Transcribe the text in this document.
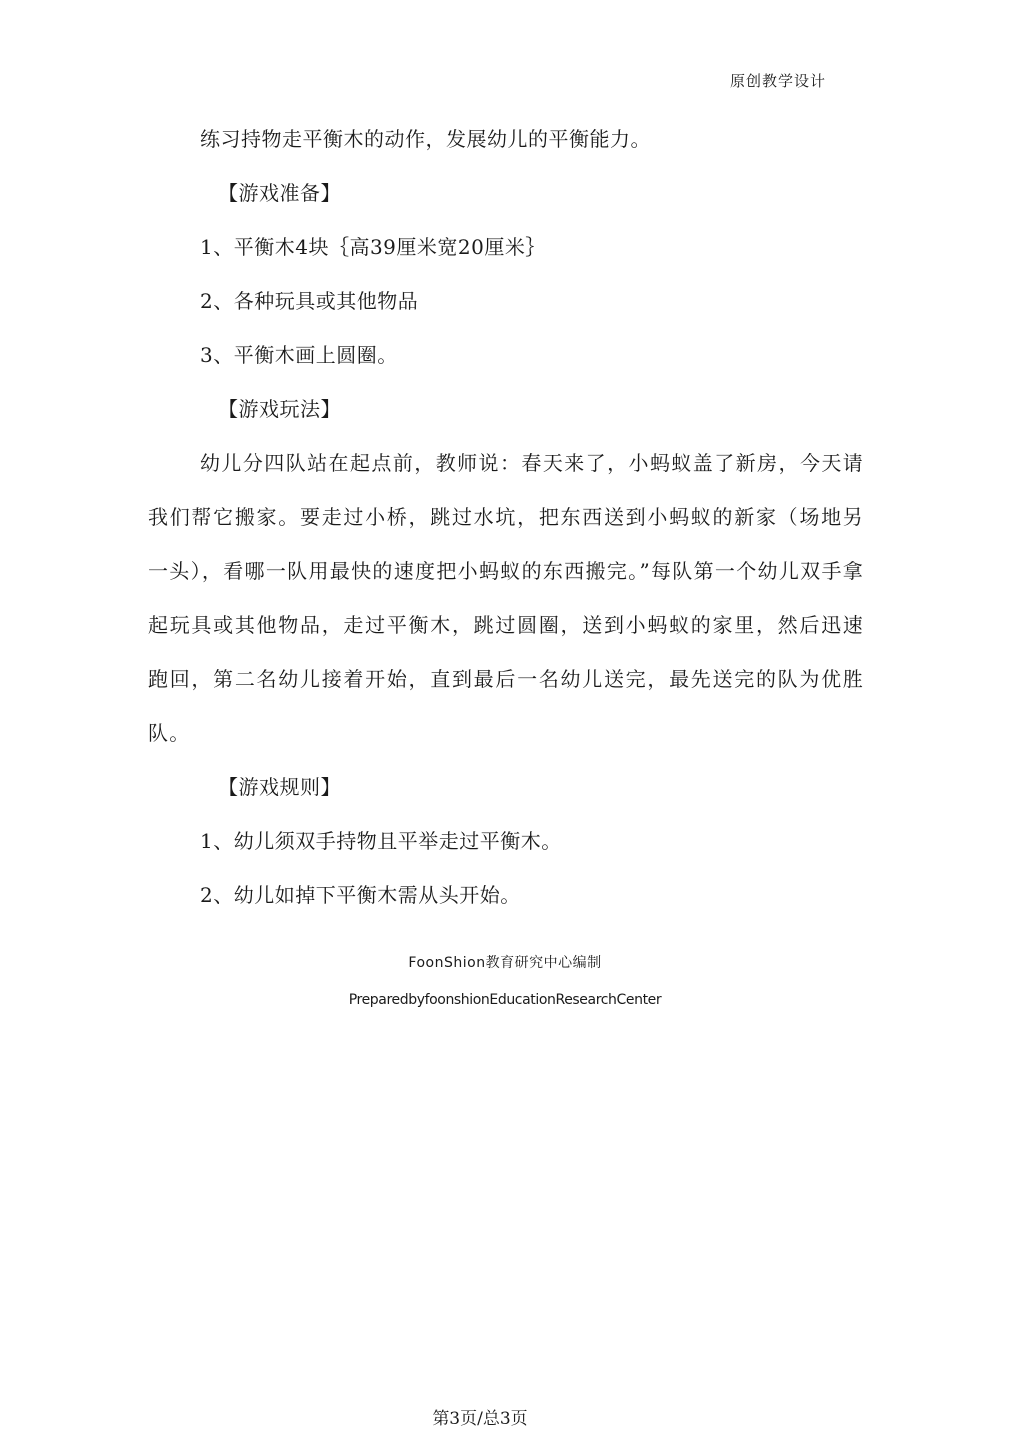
原创教学设计

练习持物走平衡木的动作，发展幼儿的平衡能力。

【游戏准备】

1、平衡木4块｛高39厘米宽20厘米｝

2、各种玩具或其他物品

3、平衡木画上圆圈。

【游戏玩法】

幼儿分四队站在起点前，教师说：春天来了，小蚂蚁盖了新房，今天请我们帮它搬家。要走过小桥，跳过水坑，把东西送到小蚂蚁的新家（场地另一头），看哪一队用最快的速度把小蚂蚁的东西搬完。”每队第一个幼儿双手拿起玩具或其他物品，走过平衡木，跳过圆圈，送到小蚂蚁的家里，然后迅速跑回，第二名幼儿接着开始，直到最后一名幼儿送完，最先送完的队为优胜队。

【游戏规则】

1、幼儿须双手持物且平举走过平衡木。

2、幼儿如掉下平衡木需从头开始。

FoonShion教育研究中心编制
PreparedbyfoonshionEducationResearchCenter
第3页/总3页
